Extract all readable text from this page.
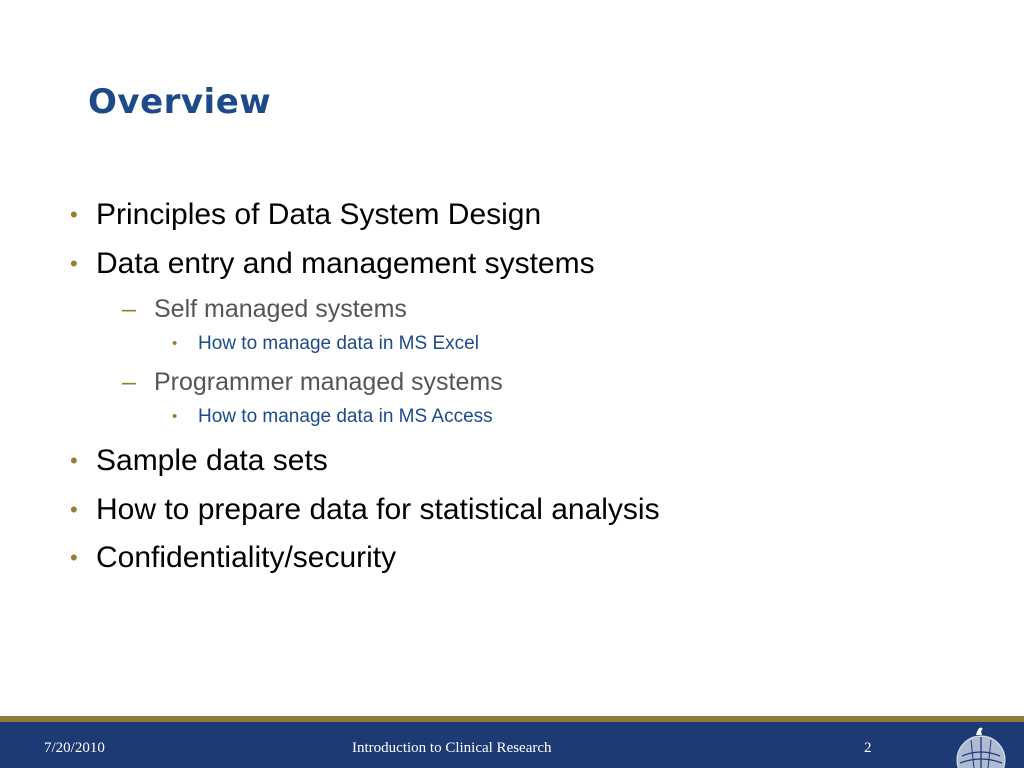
Overview
• Principles of Data System Design
• Data entry and management systems
– Self managed systems
• How to manage data in MS Excel
– Programmer managed systems
• How to manage data in MS Access
• Sample data sets
• How to prepare data for statistical analysis
• Confidentiality/security
7/20/2010	Introduction to Clinical Research	2
